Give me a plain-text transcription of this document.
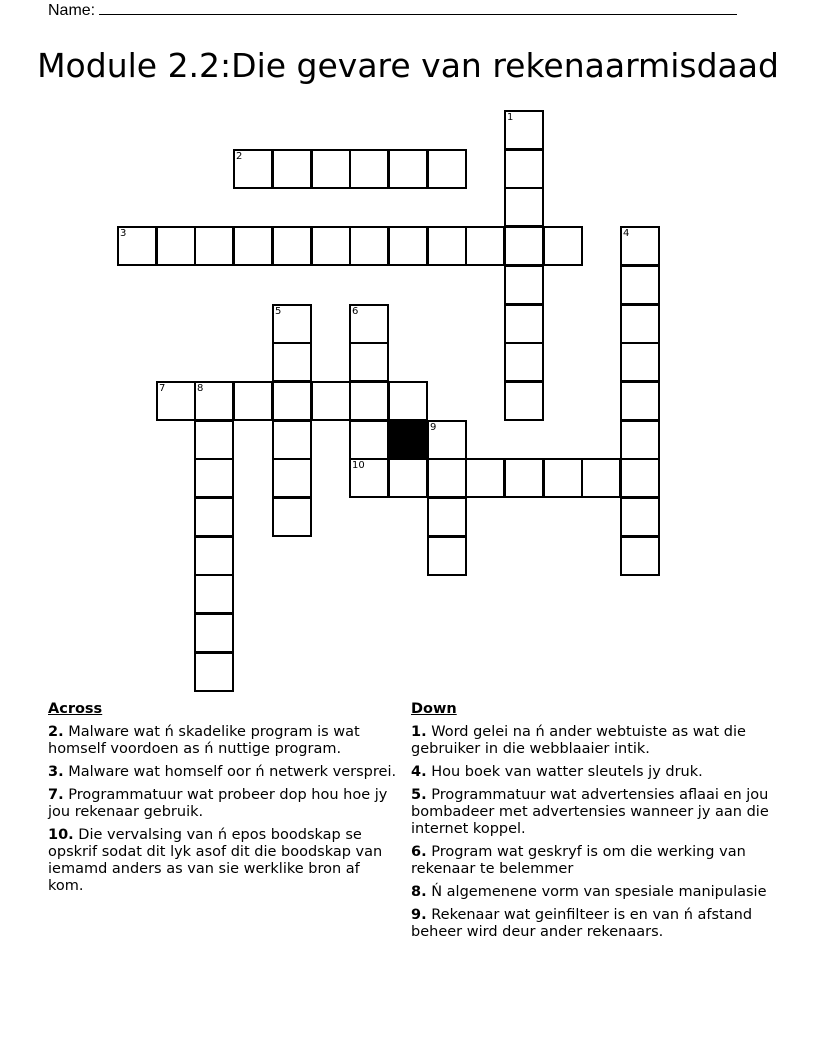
Name:
Module 2.2:Die gevare van rekenaarmisdaad
1
2
3	4
5	6
7	8
9
10
Across
2. Malware wat ń skadelike program is wat homself voordoen as ń nuttige program.
3. Malware wat homself oor ń netwerk versprei.
7. Programmatuur wat probeer dop hou hoe jy jou rekenaar gebruik.
10. Die vervalsing van ń epos boodskap se opskrif sodat dit lyk asof dit die boodskap van iemamd anders as van sie werklike bron af kom.
Down
1. Word gelei na ń ander webtuiste as wat die gebruiker in die webblaaier intik.
4. Hou boek van watter sleutels jy druk.
5. Programmatuur wat advertensies aflaai en jou bombadeer met advertensies wanneer jy aan die internet koppel.
6. Program wat geskryf is om die werking van rekenaar te belemmer
8. Ń algemenene vorm van spesiale manipulasie
9. Rekenaar wat geinfilteer is en van ń afstand beheer wird deur ander rekenaars.
